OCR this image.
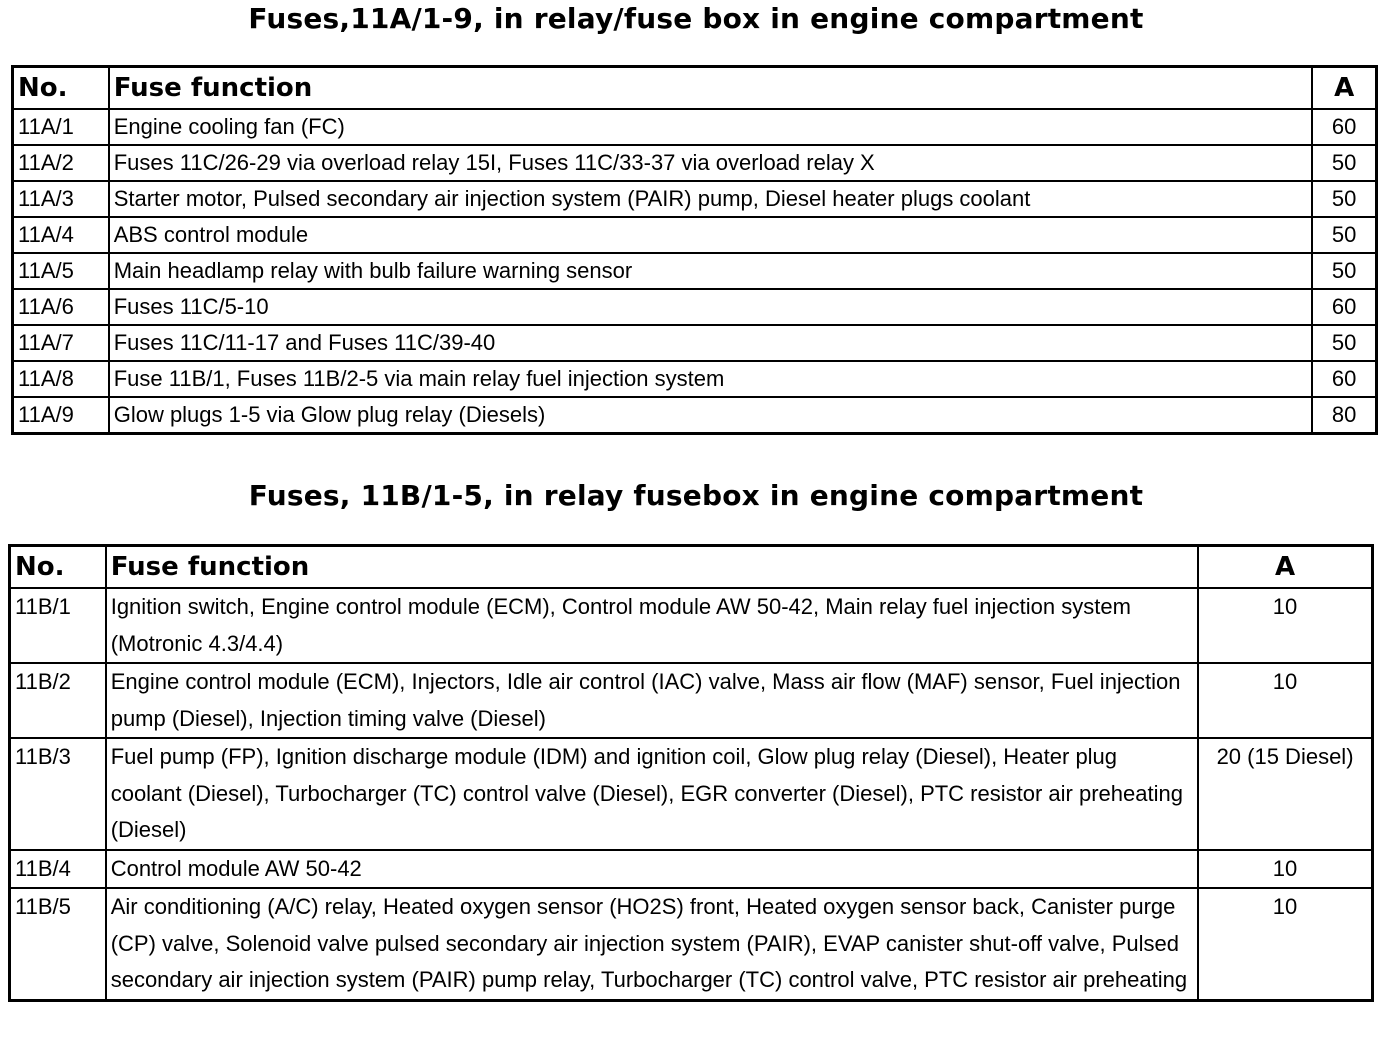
Fuses,11A/1-9, in relay/fuse box in engine compartment
No.	Fuse function	A
11A/1	Engine cooling fan (FC)	60
11A/2	Fuses 11C/26-29 via overload relay 15I, Fuses 11C/33-37 via overload relay X	50
11A/3	Starter motor, Pulsed secondary air injection system (PAIR) pump, Diesel heater plugs coolant	50
11A/4	ABS control module	50
11A/5	Main headlamp relay with bulb failure warning sensor	50
11A/6	Fuses 11C/5-10	60
11A/7	Fuses 11C/11-17 and Fuses 11C/39-40	50
11A/8	Fuse 11B/1, Fuses 11B/2-5 via main relay fuel injection system	60
11A/9	Glow plugs 1-5 via Glow plug relay (Diesels)	80
Fuses, 11B/1-5, in relay fusebox in engine compartment
No.	Fuse function	A
11B/1	Ignition switch, Engine control module (ECM), Control module AW 50-42, Main relay fuel injection system (Motronic 4.3/4.4)	10
11B/2	Engine control module (ECM), Injectors, Idle air control (IAC) valve, Mass air flow (MAF) sensor, Fuel injection pump (Diesel), Injection timing valve (Diesel)	10
11B/3	Fuel pump (FP), Ignition discharge module (IDM) and ignition coil, Glow plug relay (Diesel), Heater plug coolant (Diesel), Turbocharger (TC) control valve (Diesel), EGR converter (Diesel), PTC resistor air preheating (Diesel)	20 (15 Diesel)
11B/4	Control module AW 50-42	10
11B/5	Air conditioning (A/C) relay, Heated oxygen sensor (HO2S) front, Heated oxygen sensor back, Canister purge (CP) valve, Solenoid valve pulsed secondary air injection system (PAIR), EVAP canister shut-off valve, Pulsed secondary air injection system (PAIR) pump relay, Turbocharger (TC) control valve, PTC resistor air preheating	10
